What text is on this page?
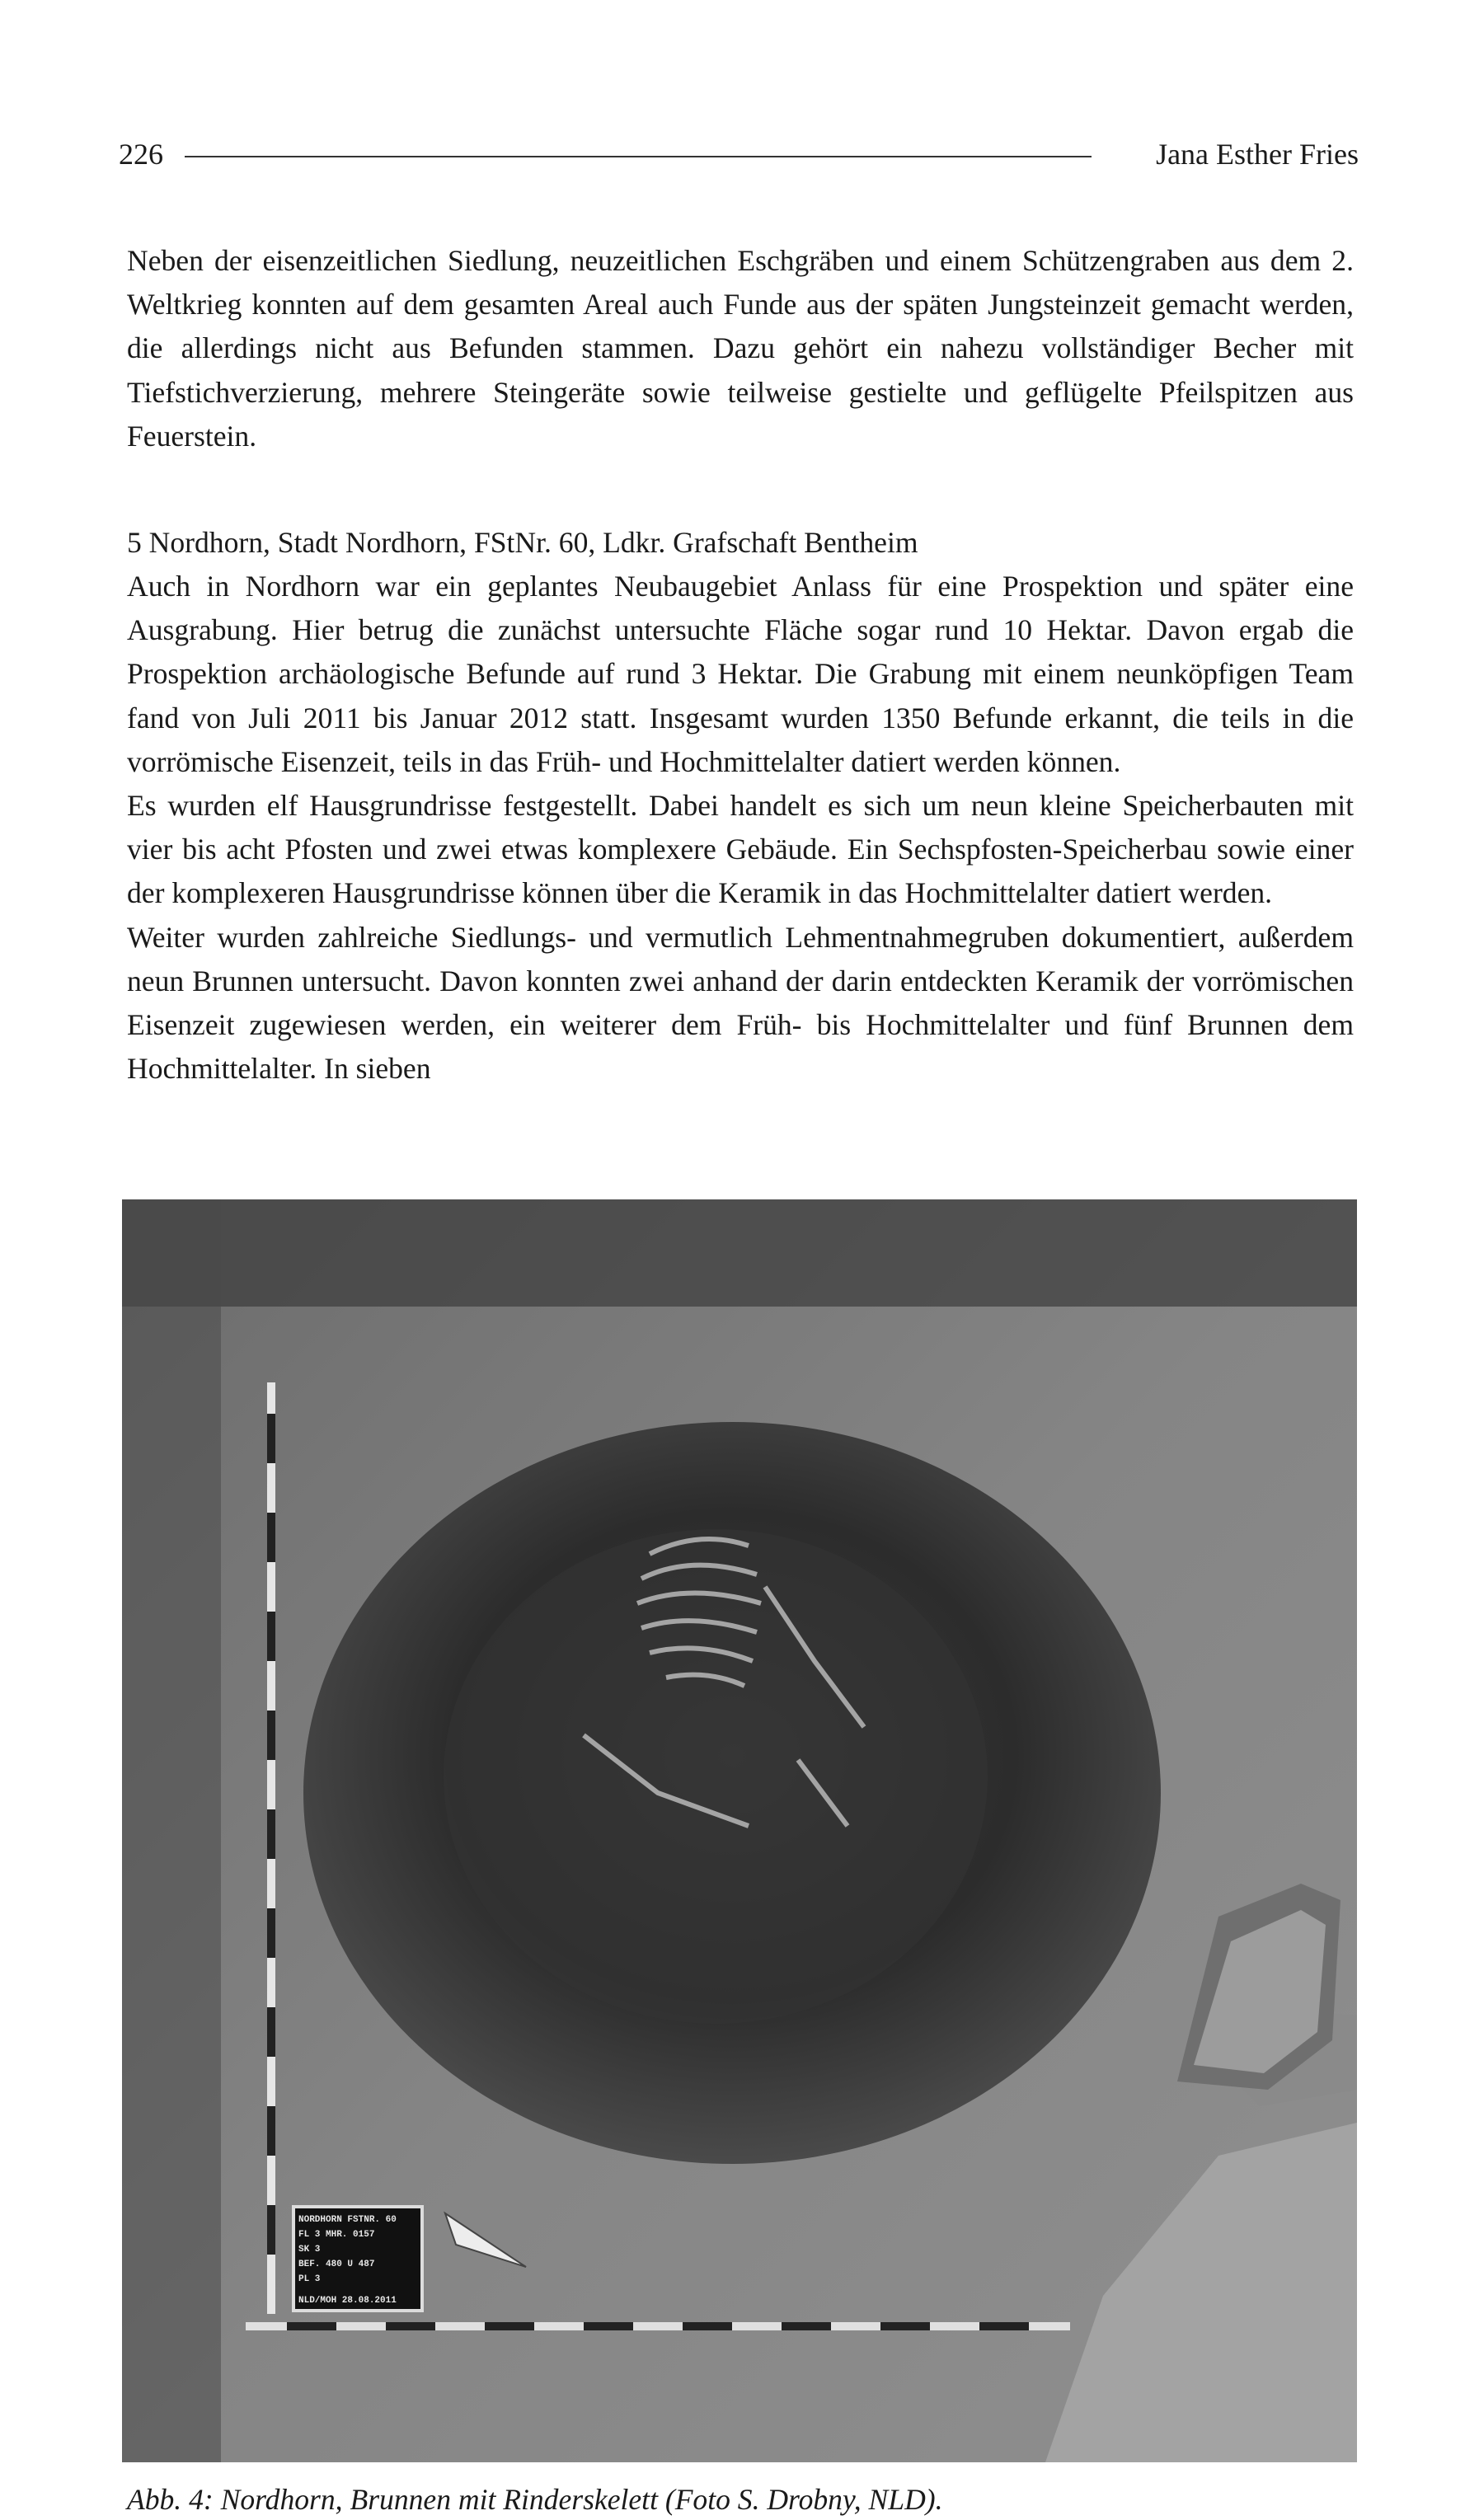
226	Jana Esther Fries

Neben der eisenzeitlichen Siedlung, neuzeitlichen Eschgräben und einem Schützengraben aus dem 2. Weltkrieg konnten auf dem gesamten Areal auch Funde aus der späten Jungsteinzeit gemacht werden, die allerdings nicht aus Befunden stammen. Dazu gehört ein nahezu vollständiger Becher mit Tiefstichverzierung, mehrere Steingeräte sowie teilweise gestielte und geflügelte Pfeilspitzen aus Feuerstein.

5 Nordhorn, Stadt Nordhorn, FStNr. 60, Ldkr. Grafschaft Bentheim

Auch in Nordhorn war ein geplantes Neubaugebiet Anlass für eine Prospektion und später eine Ausgrabung. Hier betrug die zunächst untersuchte Fläche sogar rund 10 Hektar. Davon ergab die Prospektion archäologische Befunde auf rund 3 Hektar. Die Grabung mit einem neunköpfigen Team fand von Juli 2011 bis Januar 2012 statt. Insgesamt wurden 1350 Befunde erkannt, die teils in die vorrömische Eisenzeit, teils in das Früh- und Hochmittelalter datiert werden können.

Es wurden elf Hausgrundrisse festgestellt. Dabei handelt es sich um neun kleine Speicherbauten mit vier bis acht Pfosten und zwei etwas komplexere Gebäude. Ein Sechspfosten-Speicherbau sowie einer der komplexeren Hausgrundrisse können über die Keramik in das Hochmittelalter datiert werden.

Weiter wurden zahlreiche Siedlungs- und vermutlich Lehmentnahmegruben dokumentiert, außerdem neun Brunnen untersucht. Davon konnten zwei anhand der darin entdeckten Keramik der vorrömischen Eisenzeit zugewiesen werden, ein weiterer dem Früh- bis Hochmittelalter und fünf Brunnen dem Hochmittelalter. In sieben

NORDHORN FSTNR. 60
FL 3 MHR. 0157
SK 3
BEF. 480 U 487
PL 3
NLD/MOH 28.08.2011
Abb. 4: Nordhorn, Brunnen mit Rinderskelett (Foto S. Drobny, NLD).
